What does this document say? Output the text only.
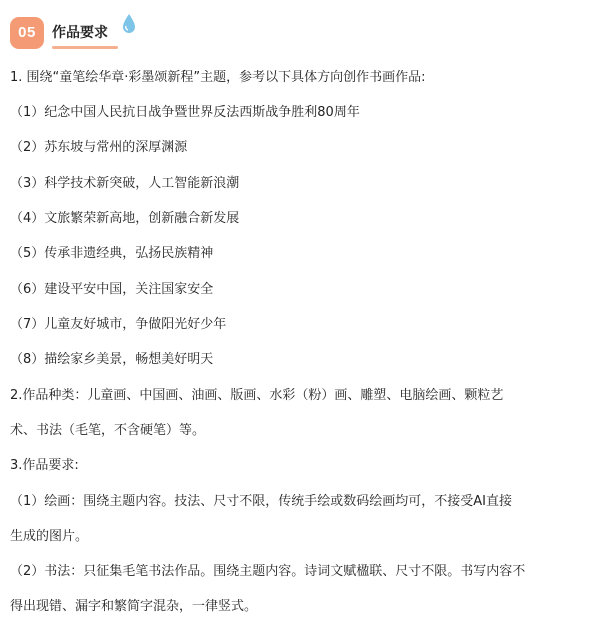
05	作品要求
1. 围绕“童笔绘华章·彩墨颂新程”主题，参考以下具体方向创作书画作品:
（1）纪念中国人民抗日战争暨世界反法西斯战争胜利80周年
（2）苏东坡与常州的深厚渊源
（3）科学技术新突破，人工智能新浪潮
（4）文旅繁荣新高地，创新融合新发展
（5）传承非遗经典，弘扬民族精神
（6）建设平安中国，关注国家安全
（7）儿童友好城市，争做阳光好少年
（8）描绘家乡美景，畅想美好明天
2.作品种类：儿童画、中国画、油画、版画、水彩（粉）画、雕塑、电脑绘画、颗粒艺
术、书法（毛笔，不含硬笔）等。
3.作品要求:
（1）绘画：围绕主题内容。技法、尺寸不限，传统手绘或数码绘画均可，不接受AI直接
生成的图片。
（2）书法：只征集毛笔书法作品。围绕主题内容。诗词文赋楹联、尺寸不限。书写内容不
得出现错、漏字和繁简字混杂，一律竖式。
